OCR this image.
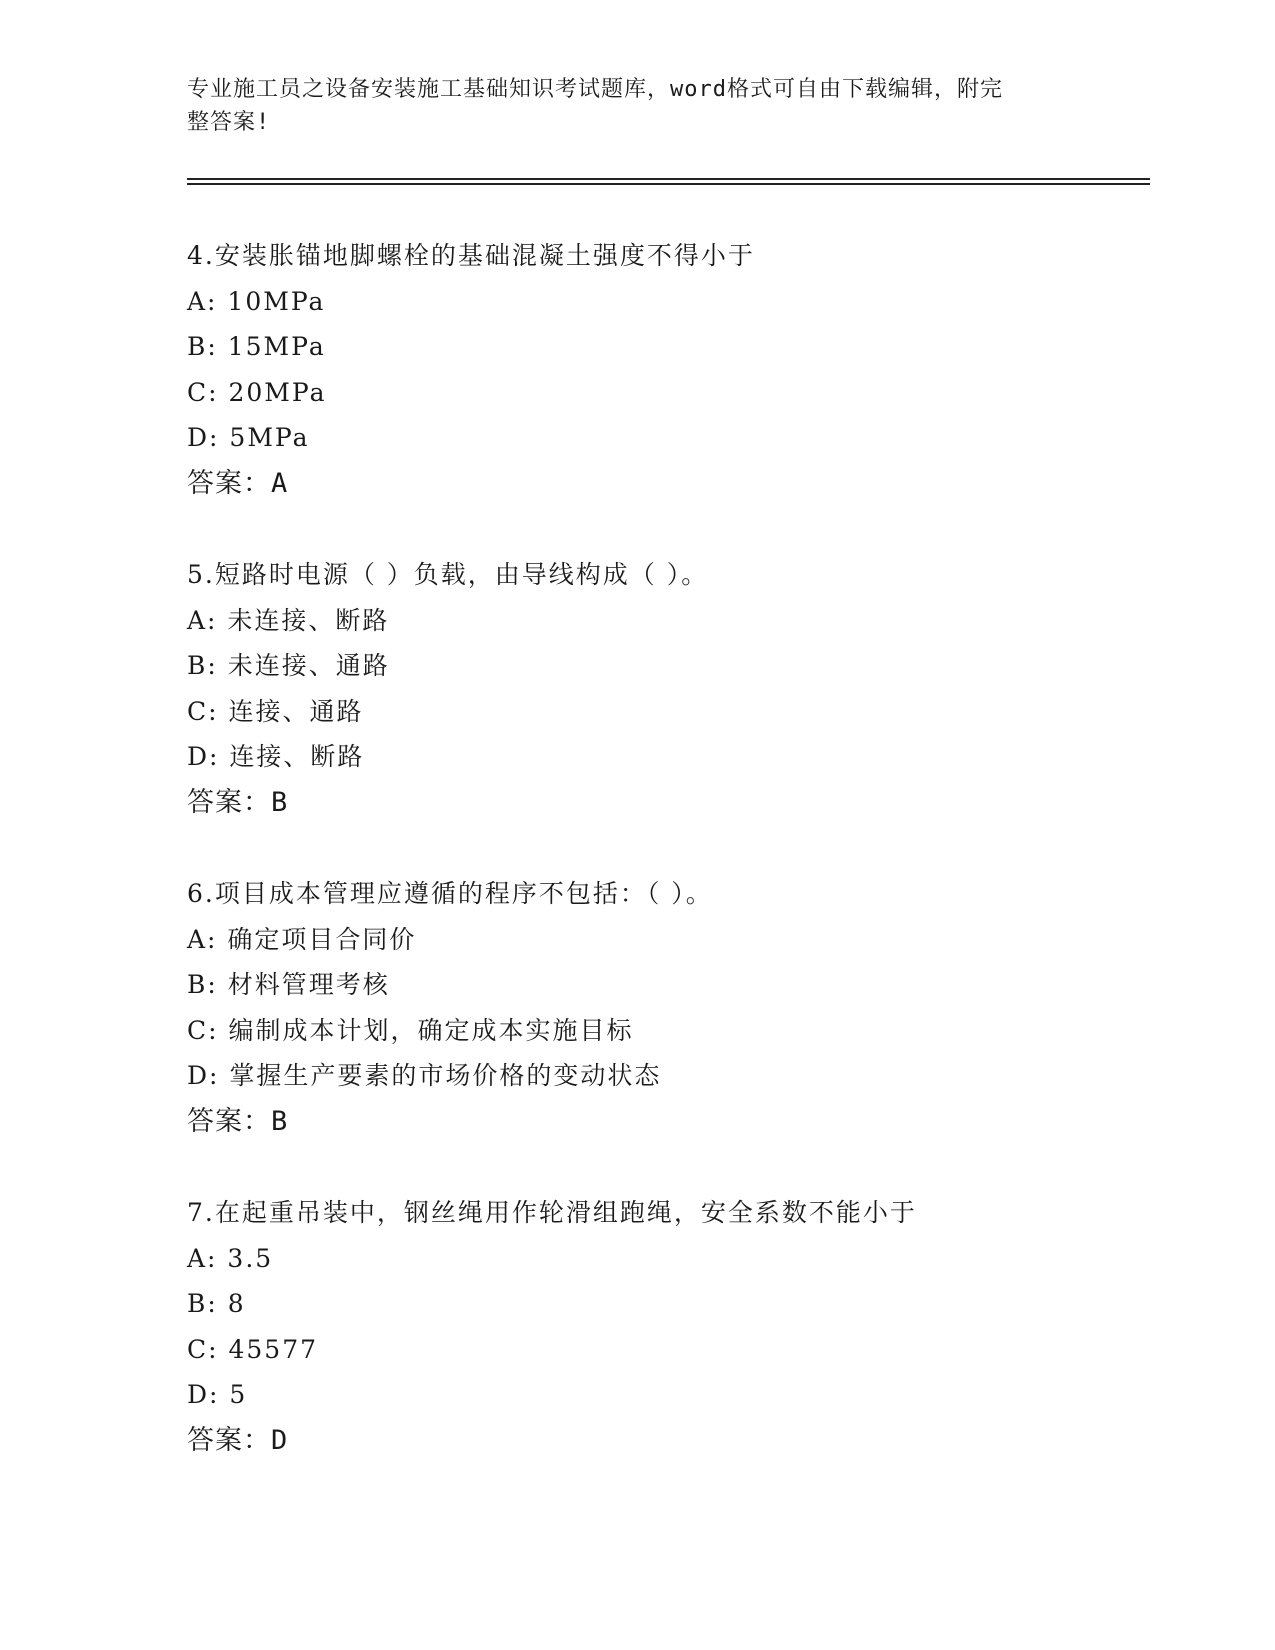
专业施工员之设备安装施工基础知识考试题库，word格式可自由下载编辑，附完
整答案!
4.安装胀锚地脚螺栓的基础混凝土强度不得小于
A: 10MPa
B: 15MPa
C: 20MPa
D: 5MPa
答案：A
5.短路时电源（ ）负载，由导线构成（ ）。
A: 未连接、断路
B: 未连接、通路
C: 连接、通路
D: 连接、断路
答案：B
6.项目成本管理应遵循的程序不包括：（ ）。
A: 确定项目合同价
B: 材料管理考核
C: 编制成本计划，确定成本实施目标
D: 掌握生产要素的市场价格的变动状态
答案：B
7.在起重吊装中，钢丝绳用作轮滑组跑绳，安全系数不能小于
A: 3.5
B: 8
C: 45577
D: 5
答案：D
